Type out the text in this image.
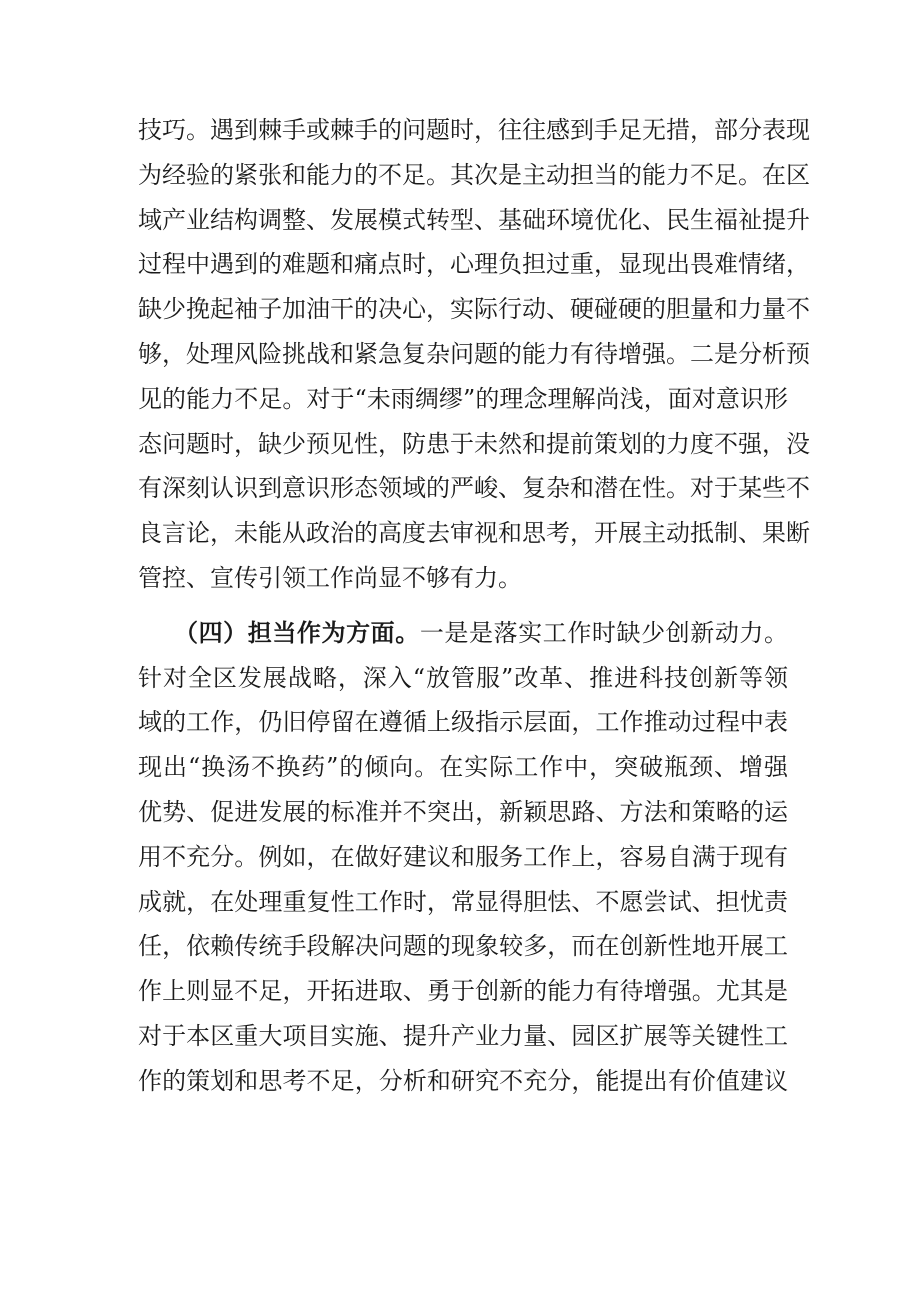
技巧。遇到棘手或棘手的问题时，往往感到手足无措，部分表现
为经验的紧张和能力的不足。其次是主动担当的能力不足。在区
域产业结构调整、发展模式转型、基础环境优化、民生福祉提升
过程中遇到的难题和痛点时，心理负担过重，显现出畏难情绪，
缺少挽起袖子加油干的决心，实际行动、硬碰硬的胆量和力量不
够，处理风险挑战和紧急复杂问题的能力有待增强。二是分析预
见的能力不足。对于“未雨绸缪”的理念理解尚浅，面对意识形
态问题时，缺少预见性，防患于未然和提前策划的力度不强，没
有深刻认识到意识形态领域的严峻、复杂和潜在性。对于某些不
良言论，未能从政治的高度去审视和思考，开展主动抵制、果断
管控、宣传引领工作尚显不够有力。
（四）担当作为方面。一是是落实工作时缺少创新动力。
针对全区发展战略，深入“放管服”改革、推进科技创新等领
域的工作，仍旧停留在遵循上级指示层面，工作推动过程中表
现出“换汤不换药”的倾向。在实际工作中，突破瓶颈、增强
优势、促进发展的标准并不突出，新颖思路、方法和策略的运
用不充分。例如，在做好建议和服务工作上，容易自满于现有
成就，在处理重复性工作时，常显得胆怯、不愿尝试、担忧责
任，依赖传统手段解决问题的现象较多，而在创新性地开展工
作上则显不足，开拓进取、勇于创新的能力有待增强。尤其是
对于本区重大项目实施、提升产业力量、园区扩展等关键性工
作的策划和思考不足，分析和研究不充分，能提出有价值建议
